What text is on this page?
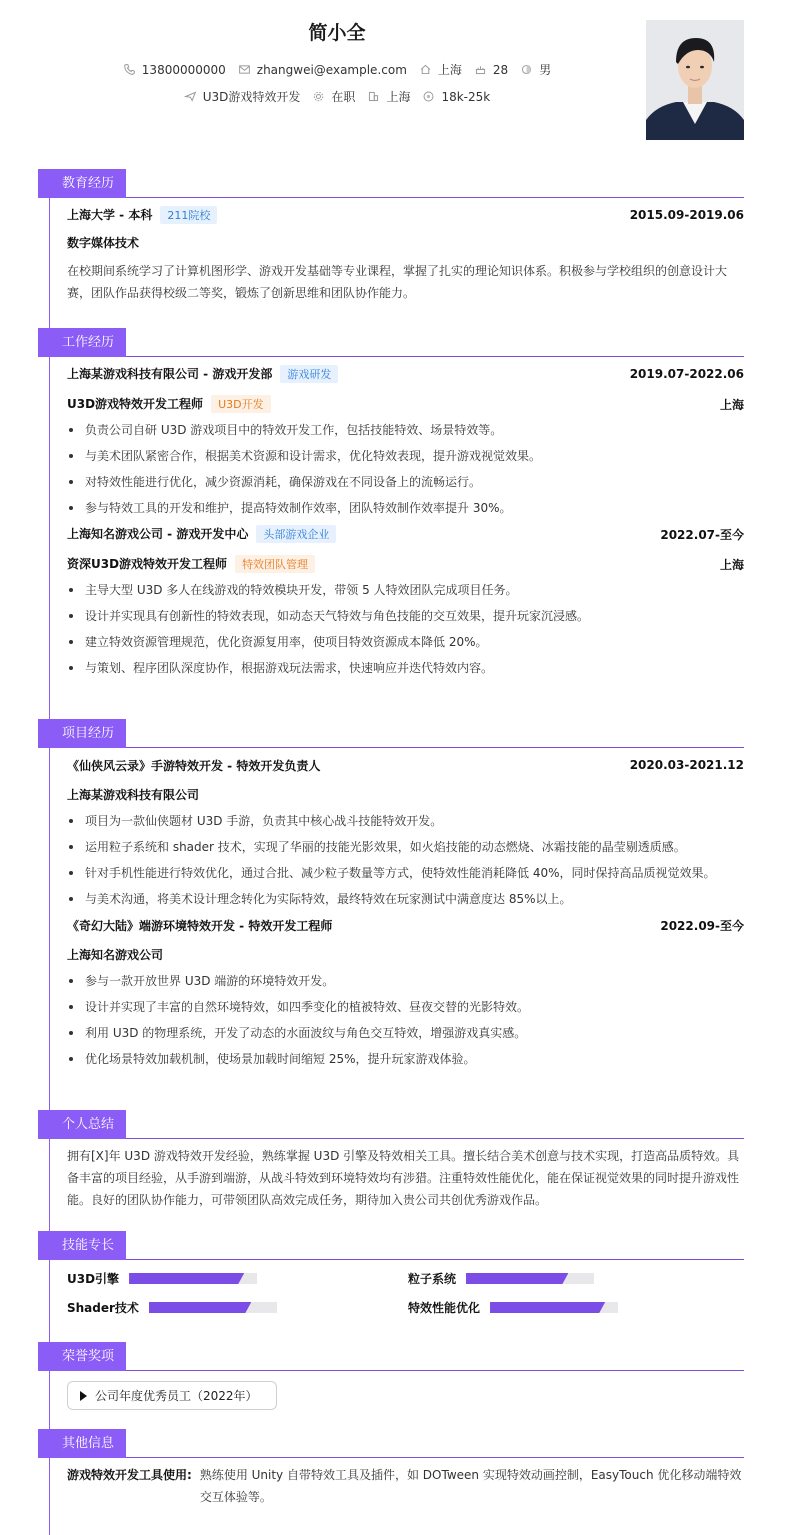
简小全
13800000000	zhangwei@example.com	上海	28	男
U3D游戏特效开发	在职	上海	18k-25k
教育经历
上海大学 - 本科 211院校	2015.09-2019.06
数字媒体技术
在校期间系统学习了计算机图形学、游戏开发基础等专业课程，掌握了扎实的理论知识体系。积极参与学校组织的创意设计大赛，团队作品获得校级二等奖，锻炼了创新思维和团队协作能力。
工作经历
上海某游戏科技有限公司 - 游戏开发部 游戏研发	2019.07-2022.06
U3D游戏特效开发工程师 U3D开发	上海
负责公司自研 U3D 游戏项目中的特效开发工作，包括技能特效、场景特效等。
与美术团队紧密合作，根据美术资源和设计需求，优化特效表现，提升游戏视觉效果。
对特效性能进行优化，减少资源消耗，确保游戏在不同设备上的流畅运行。
参与特效工具的开发和维护，提高特效制作效率，团队特效制作效率提升 30%。
上海知名游戏公司 - 游戏开发中心 头部游戏企业	2022.07-至今
资深U3D游戏特效开发工程师 特效团队管理	上海
主导大型 U3D 多人在线游戏的特效模块开发，带领 5 人特效团队完成项目任务。
设计并实现具有创新性的特效表现，如动态天气特效与角色技能的交互效果，提升玩家沉浸感。
建立特效资源管理规范，优化资源复用率，使项目特效资源成本降低 20%。
与策划、程序团队深度协作，根据游戏玩法需求，快速响应并迭代特效内容。
项目经历
《仙侠风云录》手游特效开发 - 特效开发负责人	2020.03-2021.12
上海某游戏科技有限公司
项目为一款仙侠题材 U3D 手游，负责其中核心战斗技能特效开发。
运用粒子系统和 shader 技术，实现了华丽的技能光影效果，如火焰技能的动态燃烧、冰霜技能的晶莹剔透质感。
针对手机性能进行特效优化，通过合批、减少粒子数量等方式，使特效性能消耗降低 40%，同时保持高品质视觉效果。
与美术沟通，将美术设计理念转化为实际特效，最终特效在玩家测试中满意度达 85%以上。
《奇幻大陆》端游环境特效开发 - 特效开发工程师	2022.09-至今
上海知名游戏公司
参与一款开放世界 U3D 端游的环境特效开发。
设计并实现了丰富的自然环境特效，如四季变化的植被特效、昼夜交替的光影特效。
利用 U3D 的物理系统，开发了动态的水面波纹与角色交互特效，增强游戏真实感。
优化场景特效加载机制，使场景加载时间缩短 25%，提升玩家游戏体验。
个人总结
拥有[X]年 U3D 游戏特效开发经验，熟练掌握 U3D 引擎及特效相关工具。擅长结合美术创意与技术实现，打造高品质特效。具备丰富的项目经验，从手游到端游，从战斗特效到环境特效均有涉猎。注重特效性能优化，能在保证视觉效果的同时提升游戏性能。良好的团队协作能力，可带领团队高效完成任务，期待加入贵公司共创优秀游戏作品。
技能专长
U3D引擎	粒子系统
Shader技术	特效性能优化
荣誉奖项
公司年度优秀员工（2022年）
其他信息
游戏特效开发工具使用: 熟练使用 Unity 自带特效工具及插件，如 DOTween 实现特效动画控制，EasyTouch 优化移动端特效交互体验等。
